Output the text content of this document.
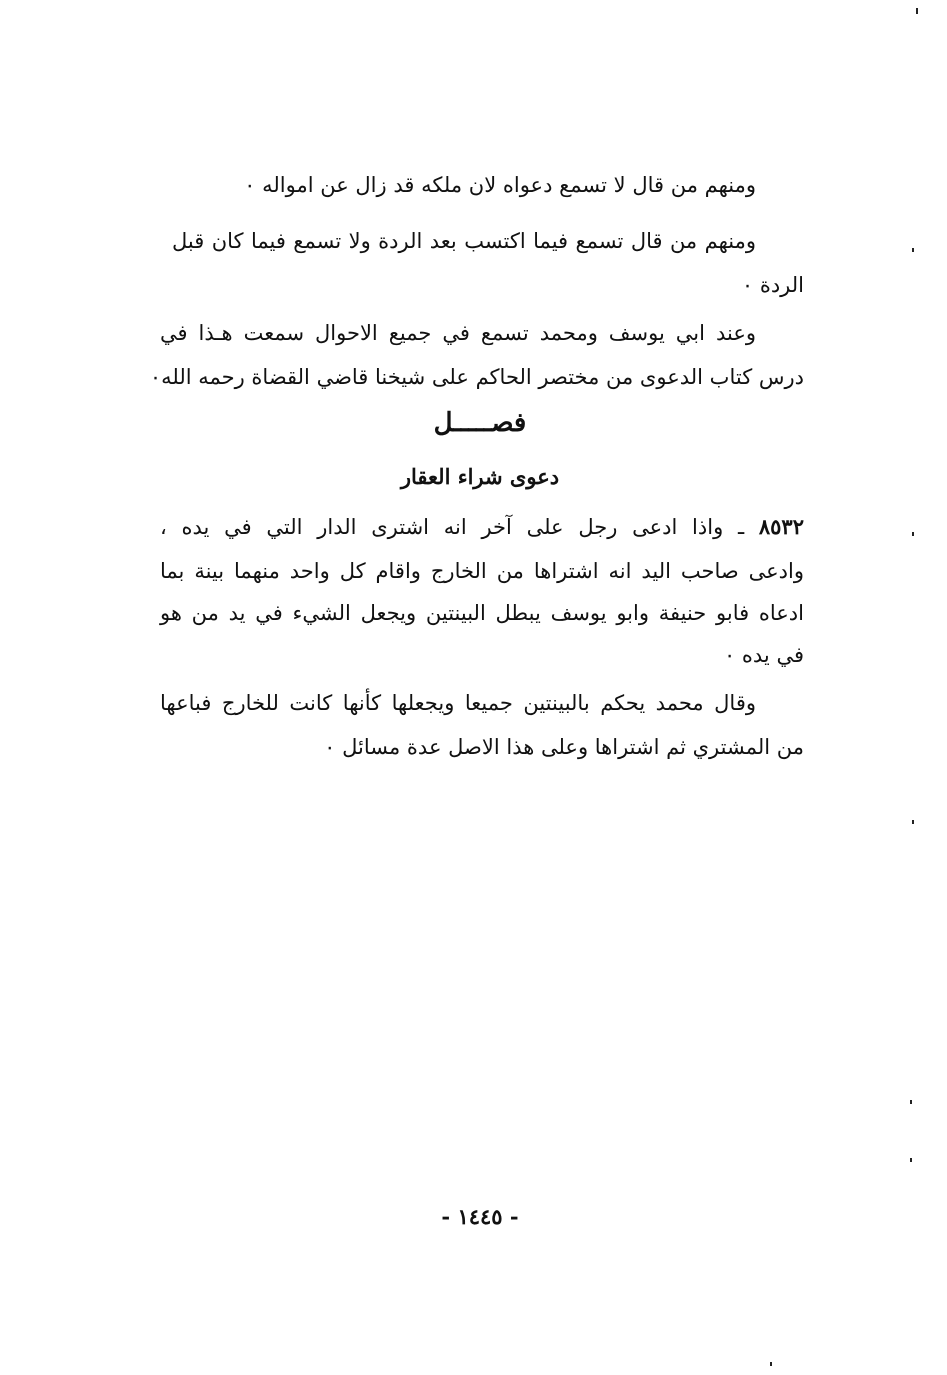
ومنهم من قال لا تسمع دعواه لان ملكه قد زال عن امواله ٠
ومنهم من قال تسمع فيما اكتسب بعد الردة ولا تسمع فيما كان قبل
الردة ٠
وعند ابي يوسف ومحمد تسمع في جميع الاحوال سمعت هـذا في
درس كتاب الدعوى من مختصر الحاكم على شيخنا قاضي القضاة رحمه الله٠
فصـــــل
دعوى شراء العقار
٨٥٣٢ ـ واذا ادعى رجل على آخر انه اشترى الدار التي في يده ،
وادعى صاحب اليد انه اشتراها من الخارج واقام كل واحد منهما بينة بما
ادعاه فابو حنيفة وابو يوسف يبطل البينتين ويجعل الشيء في يد من هو
في يده ٠
وقال محمد يحكم بالبينتين جميعا ويجعلها كأنها كانت للخارج فباعها
من المشتري ثم اشتراها وعلى هذا الاصل عدة مسائل ٠
- ١٤٤٥ -
